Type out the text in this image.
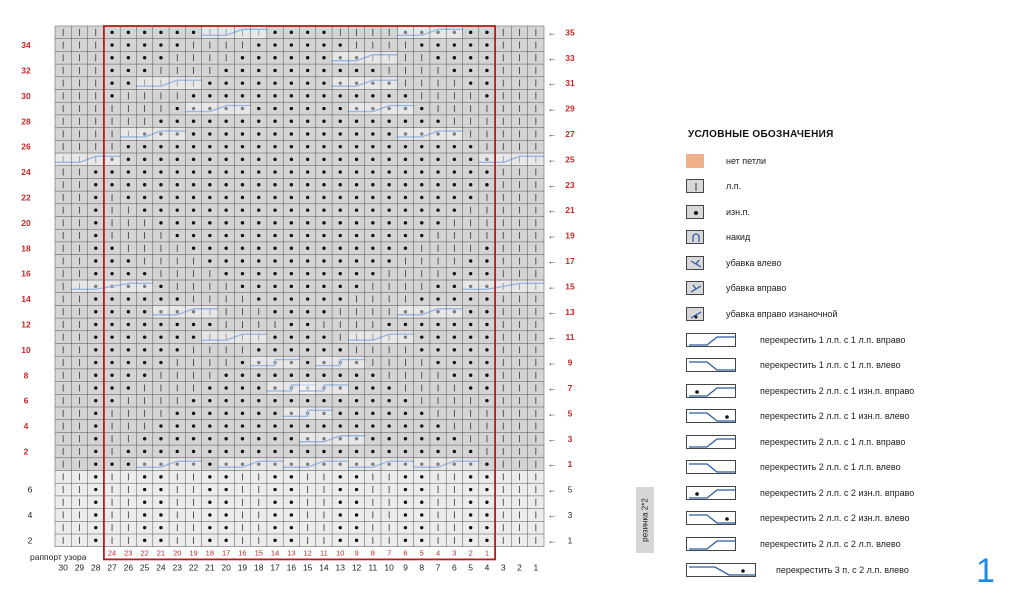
24 23 22 21 20 19 18 17 16 15 14 13 12 11 10 9 8 7 6 5 4 3 2 1
30 29 28 27 26 25 24 23 22 21 20 19 18 17 16 15 14 13 12 11 10 9 8 7 6 5 4 3 2 1
34
32
30
28
26
24
22
20
18
16
14
12
10
8
6
4
2
← 35
← 33
← 31
← 29
← 27
← 25
← 23
← 21
← 19
← 17
← 15
← 13
← 11
← 9
← 7
← 5
← 3
← 1
6
4
2
← 5
← 3
← 1
УСЛОВНЫЕ ОБОЗНАЧЕНИЯ
нет петли
л.п.
изн.п.
накид
убавка влево
убавка вправо
убавка вправо изнаночной
перекрестить 1 л.п. с 1 л.п. вправо
перекрестить 1 л.п. с 1 л.п. влево
перекрестить 2 л.п. с 1 изн.п. вправо
перекрестить 2 л.п. с 1 изн.п. влево
перекрестить 2 л.п. с 1 л.п. вправо
перекрестить 2 л.п. с 1 л.п. влево
перекрестить 2 л.п. с 2 изн.п. вправо
перекрестить 2 л.п. с 2 изн.п. влево
перекрестить 2 л.п. с 2 л.п. влево
перекрестить 3 п. с 2 л.п. влево
резинка 2*2
раппорт узора	1
